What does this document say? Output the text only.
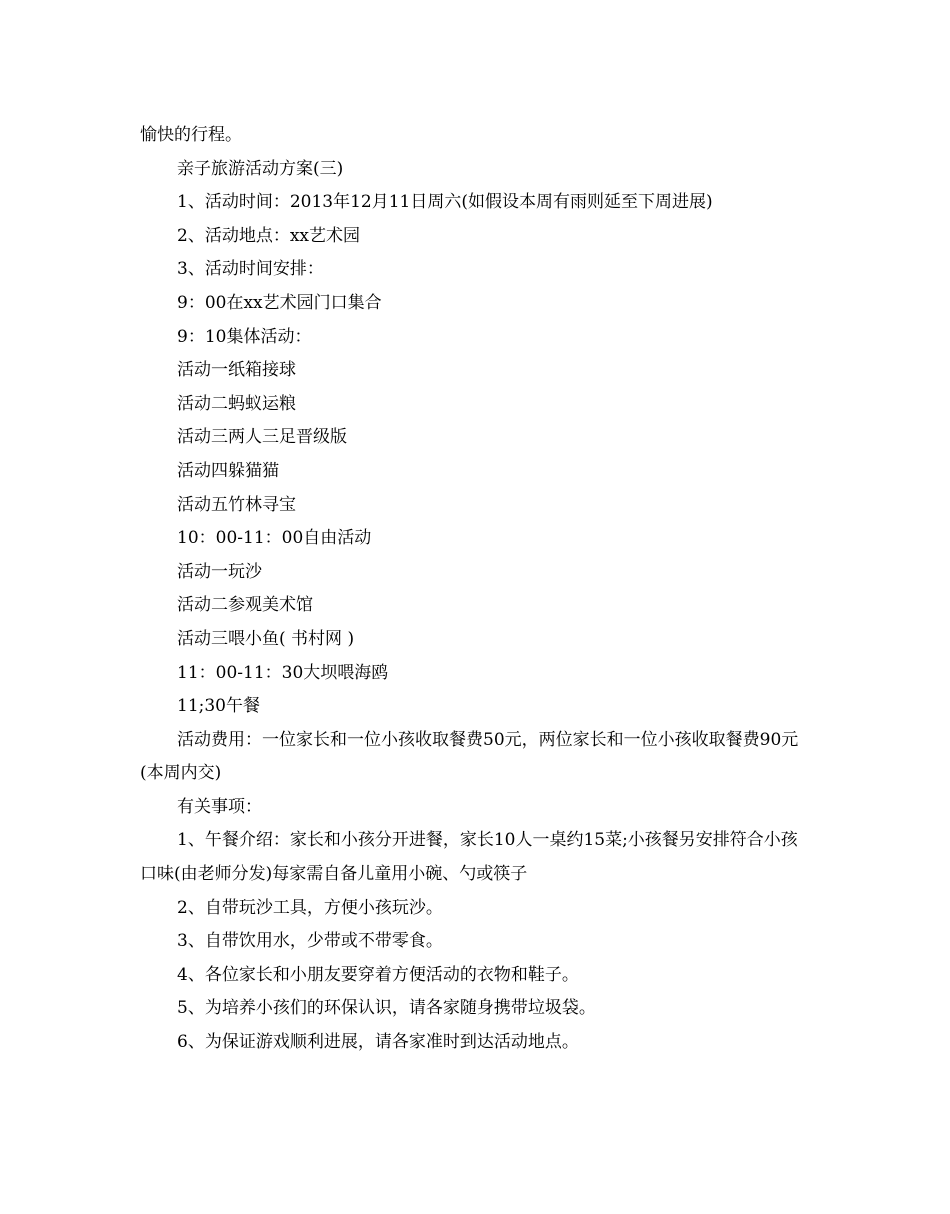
愉快的行程。

亲子旅游活动方案(三)

1、活动时间：2013年12月11日周六(如假设本周有雨则延至下周进展)

2、活动地点：xx艺术园

3、活动时间安排：

9：00在xx艺术园门口集合

9：10集体活动：

活动一纸箱接球

活动二蚂蚁运粮

活动三两人三足晋级版

活动四躲猫猫

活动五竹林寻宝

10：00-11：00自由活动

活动一玩沙

活动二参观美术馆

活动三喂小鱼( 书村网 )

11：00-11：30大坝喂海鸥

11;30午餐

活动费用：一位家长和一位小孩收取餐费50元，两位家长和一位小孩收取餐费90元(本周内交)

有关事项：

1、午餐介绍：家长和小孩分开进餐，家长10人一桌约15菜;小孩餐另安排符合小孩口味(由老师分发)每家需自备儿童用小碗、勺或筷子

2、自带玩沙工具，方便小孩玩沙。

3、自带饮用水，少带或不带零食。

4、各位家长和小朋友要穿着方便活动的衣物和鞋子。

5、为培养小孩们的环保认识，请各家随身携带垃圾袋。

6、为保证游戏顺利进展，请各家准时到达活动地点。
